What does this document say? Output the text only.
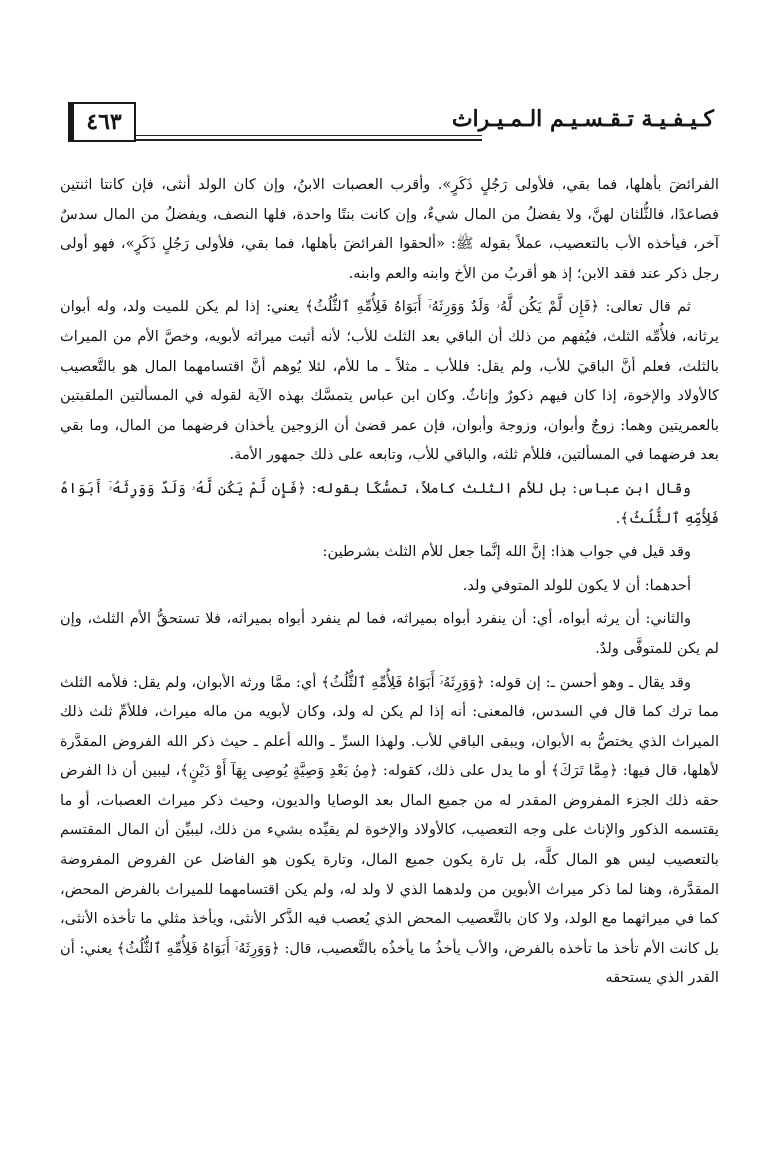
كـيـفـيـة تـقـسـيـم الـمـيـراث
٤٦٣

الفرائضَ بأهلها، فما بقي، فلأولى رَجُلٍ ذَكَرٍ». وأقرب العصبات الابنُ، وإن كان الولد أنثى، فإن كانتا اثنتين فصاعدًا، فالثُّلثان لهنَّ، ولا يفضلُ من المال شيءٌ، وإن كانت بنتًا واحدة، فلها النصف، ويفضلُ من المال سدسٌ آخر، فيأخذه الأب بالتعصيب، عملاً بقوله ﷺ: «ألحقوا الفرائضَ بأهلها، فما بقي، فلأولى رَجُلٍ ذَكَرٍ»، فهو أولى رجل ذكر عند فقد الابن؛ إذ هو أقربُ من الأخ وابنه والعم وابنه.

ثم قال تعالى: ﴿فَإِن لَّمْ يَكُن لَّهُۥ وَلَدٌ وَوَرِثَهُۥٓ أَبَوَاهُ فَلِأُمِّهِ ٱلثُّلُثُ﴾ يعني: إذا لم يكن للميت ولد، وله أبوان يرثانه، فلأُمِّه الثلث، فيُفهم من ذلك أن الباقي بعد الثلث للأب؛ لأنه أثبت ميراثه لأبويه، وخصَّ الأم من الميراث بالثلث، فعلم أنَّ الباقيَ للأب، ولم يقل: فللأب ـ مثلاً ـ ما للأم، لئلا يُوهم أنَّ اقتسامهما المال هو بالتَّعصيب كالأولاد والإخوة، إذا كان فيهم ذكورٌ وإناثٌ. وكان ابن عباس يتمسَّك بهذه الآية لقوله في المسألتين الملقبتين بالعمريتين وهما: زوجٌ وأبوان، وزوجة وأبوان، فإن عمر قضىٰ أن الزوجين يأخذان فرضهما من المال، وما بقي بعد فرضهما في المسألتين، فللأم ثلثه، والباقي للأب، وتابعه على ذلك جمهور الأمة.

وقال ابن عباس: بل للأم الثلث كاملاً، تمسُّكًا بقوله: ﴿فَإِن لَّمْ يَكُن لَّهُۥ وَلَدٌ وَوَرِثَهُۥٓ أَبَوَاهُ فَلِأُمِّهِ ٱلثُّلُثُ﴾.

وقد قيل في جواب هذا: إنَّ الله إنَّما جعل للأم الثلث بشرطين:

أحدهما: أن لا يكون للولد المتوفي ولد.

والثاني: أن يرثه أبواه، أي: أن ينفرد أبواه بميراثه، فما لم ينفرد أبواه بميراثه، فلا تستحقُّ الأم الثلث، وإن لم يكن للمتوفَّى ولدٌ.

وقد يقال ـ وهو أحسن ـ: إن قوله: ﴿وَوَرِثَهُۥٓ أَبَوَاهُ فَلِأُمِّهِ ٱلثُّلُثُ﴾ أي: ممَّا ورثه الأبوان، ولم يقل: فلأمه الثلث مما ترك كما قال في السدس، فالمعنى: أنه إذا لم يكن له ولد، وكان لأبويه من ماله ميراث، فللأمِّ ثلث ذلك الميراث الذي يختصُّ به الأبوان، ويبقى الباقي للأب. ولهذا السرِّ ـ والله أعلم ـ حيث ذكر الله الفروض المقدَّرة لأهلها، قال فيها: ﴿مِمَّا تَرَكَ﴾ أو ما يدل على ذلك، كقوله: ﴿مِنۢ بَعْدِ وَصِيَّةٍ يُوصِى بِهَآ أَوْ دَيْنٍ﴾، ليبين أن ذا الفرض حقه ذلك الجزء المفروض المقدر له من جميع المال بعد الوصايا والديون، وحيث ذكر ميراث العصبات، أو ما يقتسمه الذكور والإناث على وجه التعصيب، كالأولاد والإخوة لم يقيِّده بشيء من ذلك، ليبيِّن أن المال المقتسم بالتعصيب ليس هو المال كلَّه، بل تارة يكون جميع المال، وتارة يكون هو الفاضل عن الفروض المفروضة المقدَّرة، وهنا لما ذكر ميراث الأبوين من ولدهما الذي لا ولد له، ولم يكن اقتسامهما للميراث بالفرض المحض، كما في ميراثهما مع الولد، ولا كان بالتَّعصيب المحض الذي يُعصب فيه الذَّكر الأنثى، ويأخذ مثلي ما تأخذه الأنثى، بل كانت الأم تأخذ ما تأخذه بالفرض، والأب يأخذُ ما يأخذُه بالتَّعصيب، قال: ﴿وَوَرِثَهُۥٓ أَبَوَاهُ فَلِأُمِّهِ ٱلثُّلُثُ﴾ يعني: أن القدر الذي يستحقه
